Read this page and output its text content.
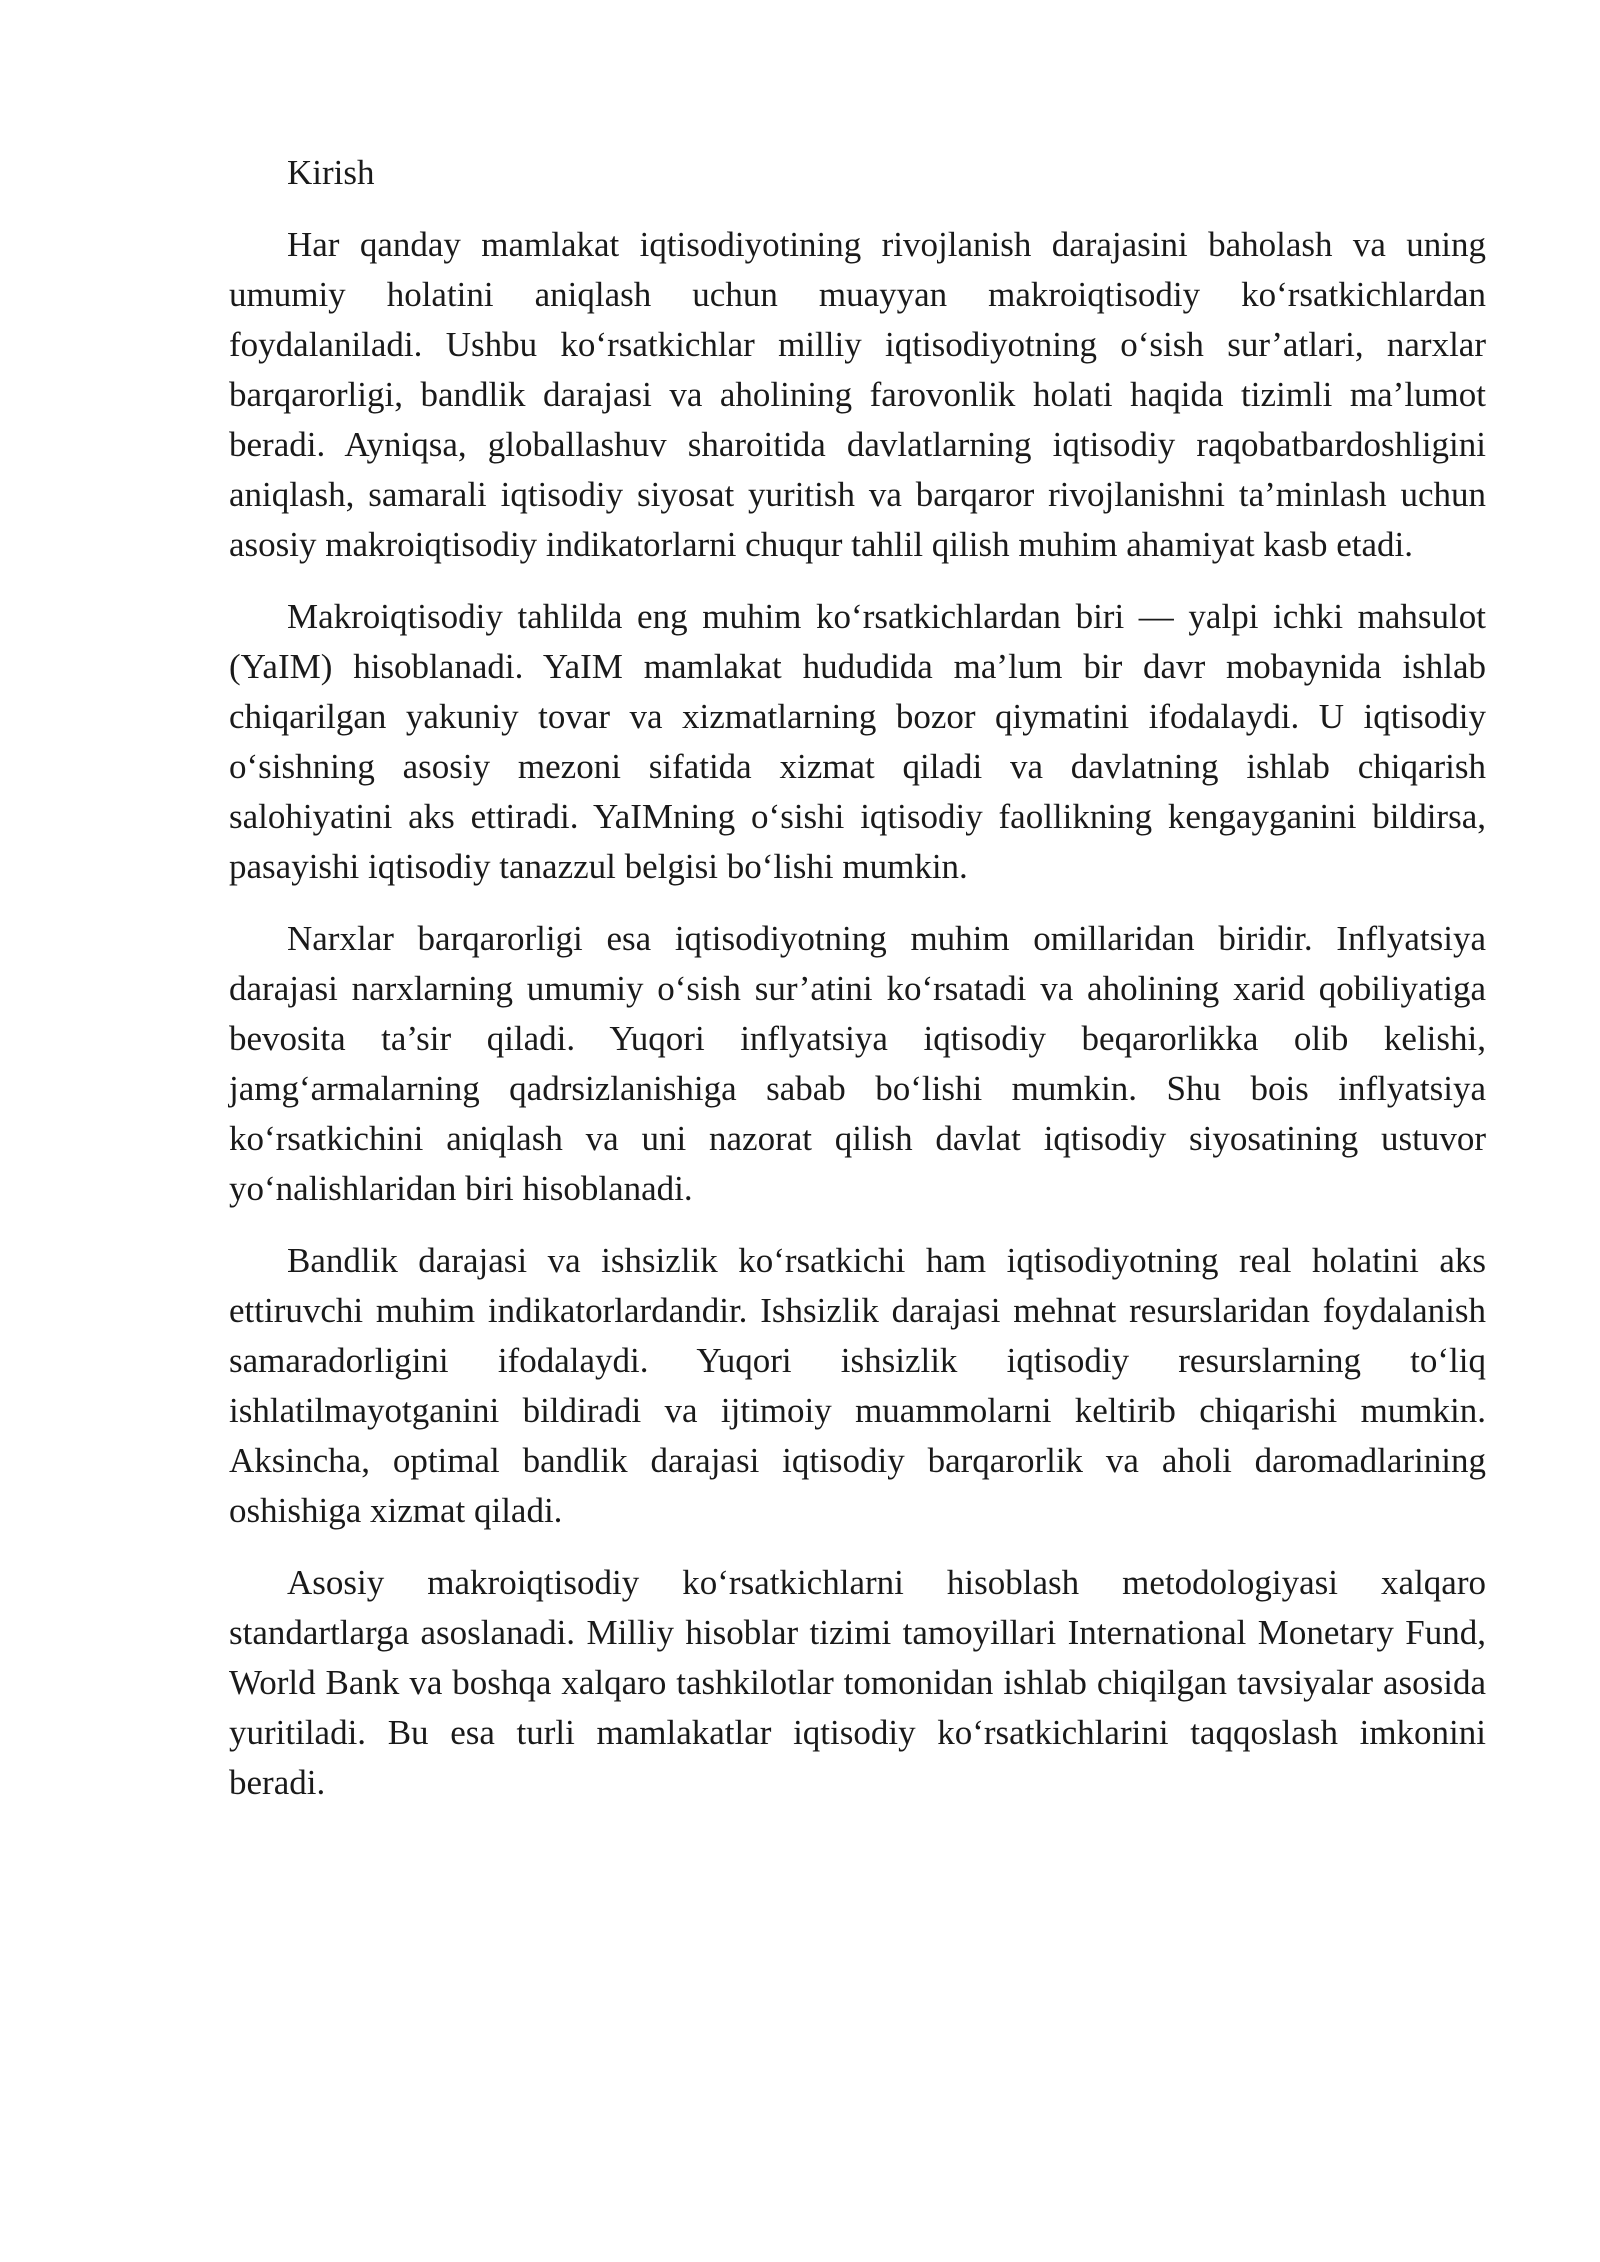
Kirish

Har qanday mamlakat iqtisodiyotining rivojlanish darajasini baholash va uning umumiy holatini aniqlash uchun muayyan makroiqtisodiy ko‘rsatkichlardan foydalaniladi. Ushbu ko‘rsatkichlar milliy iqtisodiyotning o‘sish sur’atlari, narxlar barqarorligi, bandlik darajasi va aholining farovonlik holati haqida tizimli ma’lumot beradi. Ayniqsa, globallashuv sharoitida davlatlarning iqtisodiy raqobatbardoshligini aniqlash, samarali iqtisodiy siyosat yuritish va barqaror rivojlanishni ta’minlash uchun asosiy makroiqtisodiy indikatorlarni chuqur tahlil qilish muhim ahamiyat kasb etadi.

Makroiqtisodiy tahlilda eng muhim ko‘rsatkichlardan biri — yalpi ichki mahsulot (YaIM) hisoblanadi. YaIM mamlakat hududida ma’lum bir davr mobaynida ishlab chiqarilgan yakuniy tovar va xizmatlarning bozor qiymatini ifodalaydi. U iqtisodiy o‘sishning asosiy mezoni sifatida xizmat qiladi va davlatning ishlab chiqarish salohiyatini aks ettiradi. YaIMning o‘sishi iqtisodiy faollikning kengayganini bildirsa, pasayishi iqtisodiy tanazzul belgisi bo‘lishi mumkin.

Narxlar barqarorligi esa iqtisodiyotning muhim omillaridan biridir. Inflyatsiya darajasi narxlarning umumiy o‘sish sur’atini ko‘rsatadi va aholining xarid qobiliyatiga bevosita ta’sir qiladi. Yuqori inflyatsiya iqtisodiy beqarorlikka olib kelishi, jamg‘armalarning qadrsizlanishiga sabab bo‘lishi mumkin. Shu bois inflyatsiya ko‘rsatkichini aniqlash va uni nazorat qilish davlat iqtisodiy siyosatining ustuvor yo‘nalishlaridan biri hisoblanadi.

Bandlik darajasi va ishsizlik ko‘rsatkichi ham iqtisodiyotning real holatini aks ettiruvchi muhim indikatorlardandir. Ishsizlik darajasi mehnat resurslaridan foydalanish samaradorligini ifodalaydi. Yuqori ishsizlik iqtisodiy resurslarning to‘liq ishlatilmayotganini bildiradi va ijtimoiy muammolarni keltirib chiqarishi mumkin. Aksincha, optimal bandlik darajasi iqtisodiy barqarorlik va aholi daromadlarining oshishiga xizmat qiladi.

Asosiy makroiqtisodiy ko‘rsatkichlarni hisoblash metodologiyasi xalqaro standartlarga asoslanadi. Milliy hisoblar tizimi tamoyillari International Monetary Fund, World Bank va boshqa xalqaro tashkilotlar tomonidan ishlab chiqilgan tavsiyalar asosida yuritiladi. Bu esa turli mamlakatlar iqtisodiy ko‘rsatkichlarini taqqoslash imkonini beradi.
